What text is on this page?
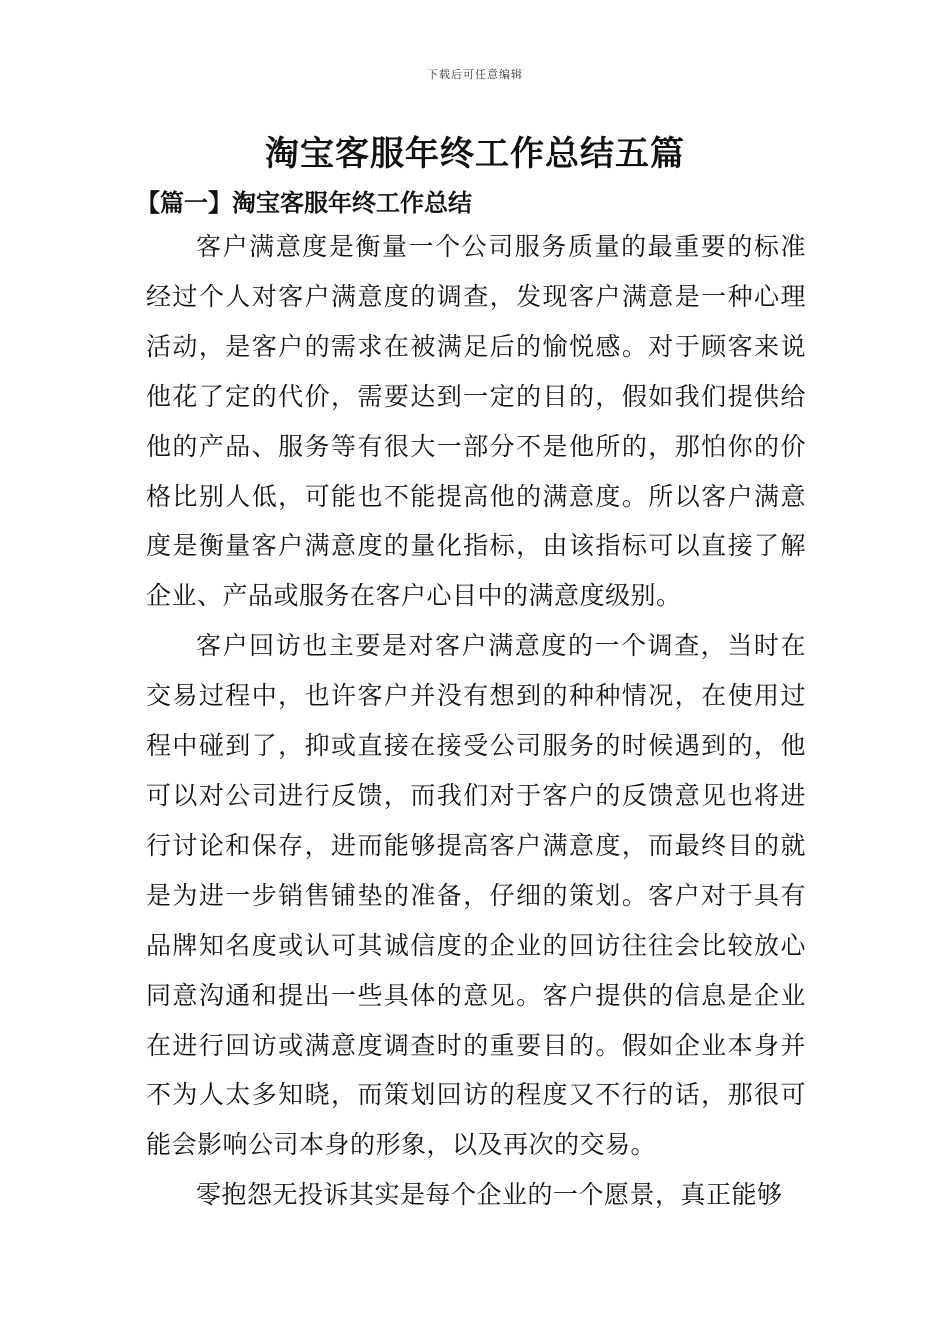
下载后可任意编辑
淘宝客服年终工作总结五篇
【篇一】淘宝客服年终工作总结

客户满意度是衡量一个公司服务质量的最重要的标准经过个人对客户满意度的调查，发现客户满意是一种心理活动，是客户的需求在被满足后的愉悦感。对于顾客来说他花了定的代价，需要达到一定的目的，假如我们提供给他的产品、服务等有很大一部分不是他所的，那怕你的价格比别人低，可能也不能提高他的满意度。所以客户满意度是衡量客户满意度的量化指标，由该指标可以直接了解企业、产品或服务在客户心目中的满意度级别。

客户回访也主要是对客户满意度的一个调查，当时在交易过程中，也许客户并没有想到的种种情况，在使用过程中碰到了，抑或直接在接受公司服务的时候遇到的，他可以对公司进行反馈，而我们对于客户的反馈意见也将进行讨论和保存，进而能够提高客户满意度，而最终目的就是为进一步销售铺垫的准备，仔细的策划。客户对于具有品牌知名度或认可其诚信度的企业的回访往往会比较放心同意沟通和提出一些具体的意见。客户提供的信息是企业在进行回访或满意度调查时的重要目的。假如企业本身并不为人太多知晓，而策划回访的程度又不行的话，那很可能会影响公司本身的形象，以及再次的交易。

零抱怨无投诉其实是每个企业的一个愿景，真正能够
